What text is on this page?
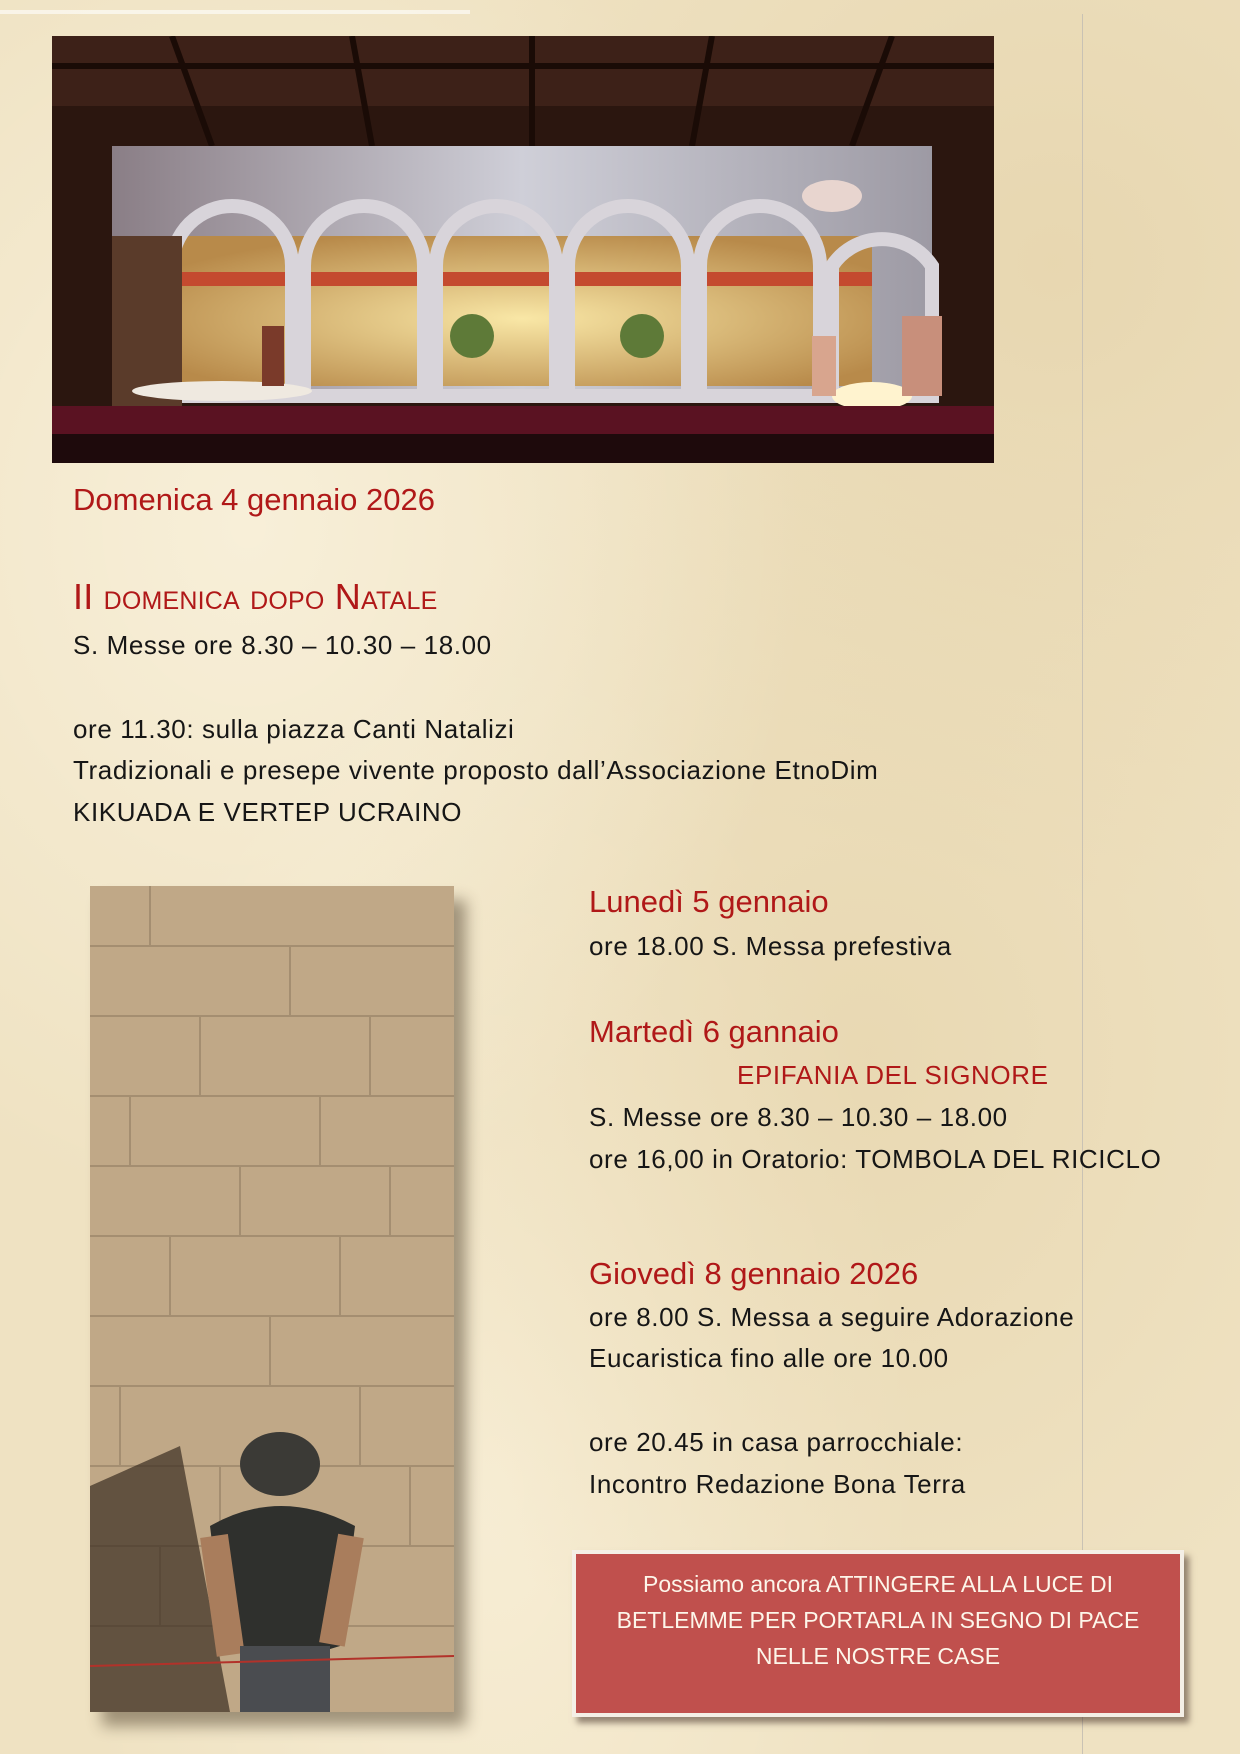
Domenica 4 gennaio 2026

II domenica dopo Natale

S. Messe ore 8.30 – 10.30 – 18.00

ore 11.30: sulla piazza Canti Natalizi

Tradizionali e presepe vivente proposto dall’Associazione EtnoDim

KIKUADA E VERTEP UCRAINO

Lunedì 5 gennaio

ore 18.00 S. Messa prefestiva

Martedì 6 gannaio

EPIFANIA DEL SIGNORE

S. Messe ore 8.30 – 10.30 – 18.00

ore 16,00 in Oratorio: TOMBOLA DEL RICICLO

Giovedì 8 gennaio 2026

ore 8.00 S. Messa a seguire Adorazione

Eucaristica fino alle ore 10.00

ore 20.45 in casa parrocchiale:

Incontro Redazione Bona Terra

Possiamo ancora ATTINGERE ALLA LUCE DI
BETLEMME PER PORTARLA IN SEGNO DI PACE
NELLE NOSTRE CASE
